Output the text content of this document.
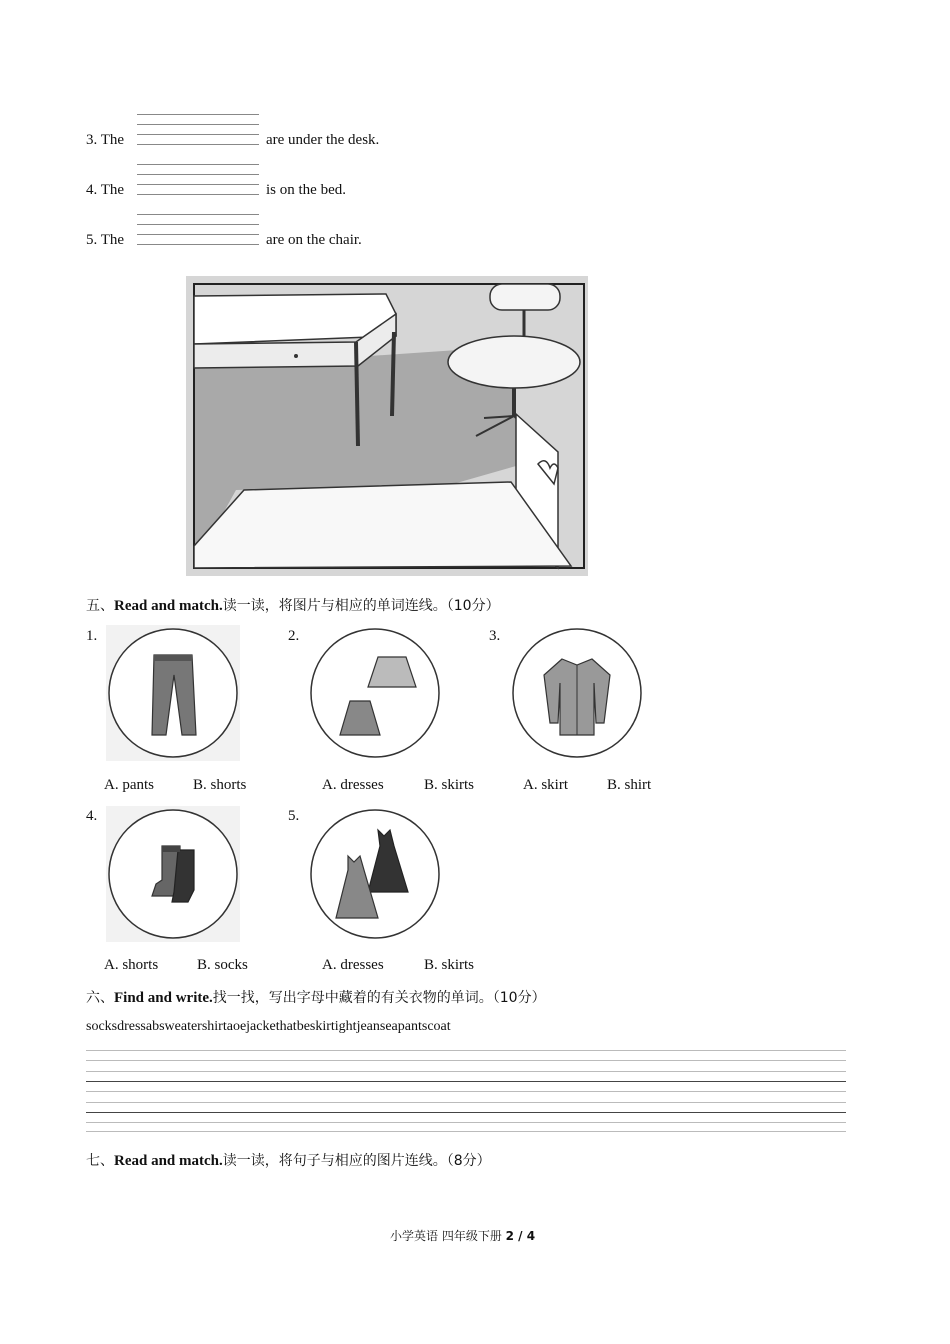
3. The	are under the desk.
4. The	is on the bed.
5. The	are on the chair.
五、Read and match.读一读，将图片与相应的单词连线。（10分）
1.
A. pants	B. shorts
2.
A. dresses	B. skirts
3.
A. skirt	B. shirt
4.
A. shorts	B. socks
5.
A. dresses	B. skirts
六、Find and write.找一找，写出字母中藏着的有关衣物的单词。（10分）
socksdressabsweatershirtaoejackethatbeskirtightjeanseapantscoat
七、Read and match.读一读，将句子与相应的图片连线。（8分）
小学英语 四年级下册 2 / 4
